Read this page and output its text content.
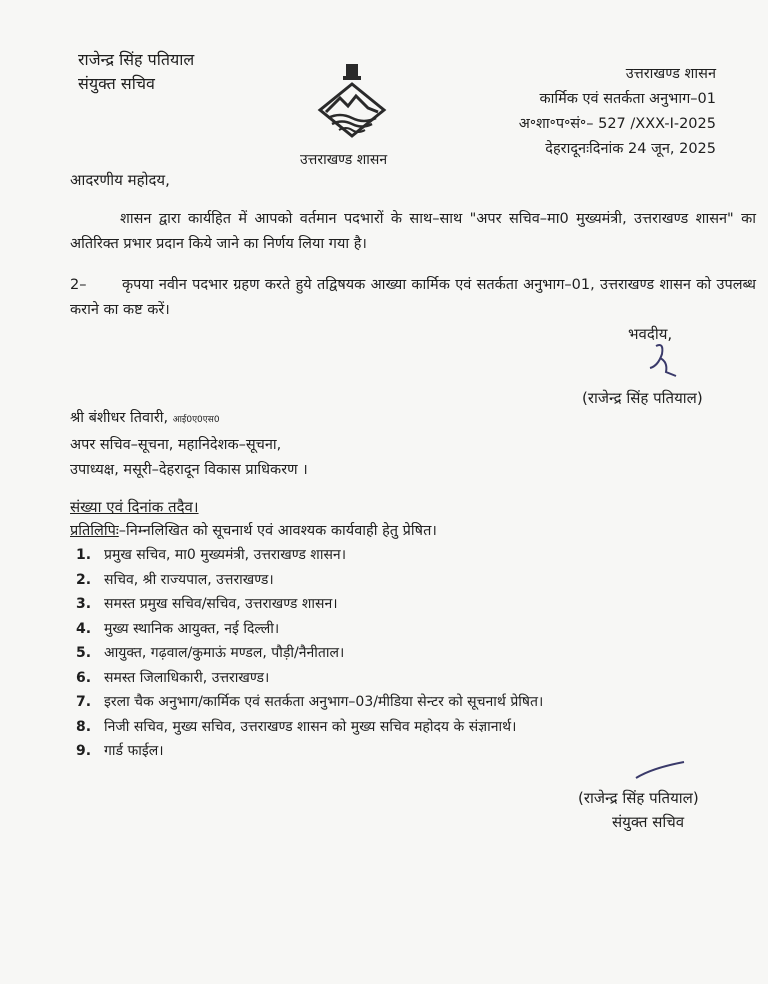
राजेन्द्र सिंह पतियाल
संयुक्त सचिव
उत्तराखण्ड शासन
उत्तराखण्ड शासन
कार्मिक एवं सतर्कता अनुभाग–01
अ॰शा॰प॰सं॰– 527 /XXX-I-2025
देहरादूनःदिनांक 24 जून, 2025
आदरणीय महोदय,
शासन द्वारा कार्यहित में आपको वर्तमान पदभारों के साथ–साथ "अपर सचिव–मा0 मुख्यमंत्री, उत्तराखण्ड शासन" का अतिरिक्त प्रभार प्रदान किये जाने का निर्णय लिया गया है।
2– कृपया नवीन पदभार ग्रहण करते हुये तद्विषयक आख्या कार्मिक एवं सतर्कता अनुभाग–01, उत्तराखण्ड शासन को उपलब्ध कराने का कष्ट करें।
भवदीय,
(राजेन्द्र सिंह पतियाल)
श्री बंशीधर तिवारी, आई0ए0एस0
अपर सचिव–सूचना, महानिदेशक–सूचना,
उपाध्यक्ष, मसूरी–देहरादून विकास प्राधिकरण ।
संख्या एवं दिनांक तदैव।
प्रतिलिपिः–निम्नलिखित को सूचनार्थ एवं आवश्यक कार्यवाही हेतु प्रेषित।
1. प्रमुख सचिव, मा0 मुख्यमंत्री, उत्तराखण्ड शासन।
2. सचिव, श्री राज्यपाल, उत्तराखण्ड।
3. समस्त प्रमुख सचिव/सचिव, उत्तराखण्ड शासन।
4. मुख्य स्थानिक आयुक्त, नई दिल्ली।
5. आयुक्त, गढ़वाल/कुमाऊं मण्डल, पौड़ी/नैनीताल।
6. समस्त जिलाधिकारी, उत्तराखण्ड।
7. इरला चैक अनुभाग/कार्मिक एवं सतर्कता अनुभाग–03/मीडिया सेन्टर को सूचनार्थ प्रेषित।
8. निजी सचिव, मुख्य सचिव, उत्तराखण्ड शासन को मुख्य सचिव महोदय के संज्ञानार्थ।
9. गार्ड फाईल।
(राजेन्द्र सिंह पतियाल)
संयुक्त सचिव
